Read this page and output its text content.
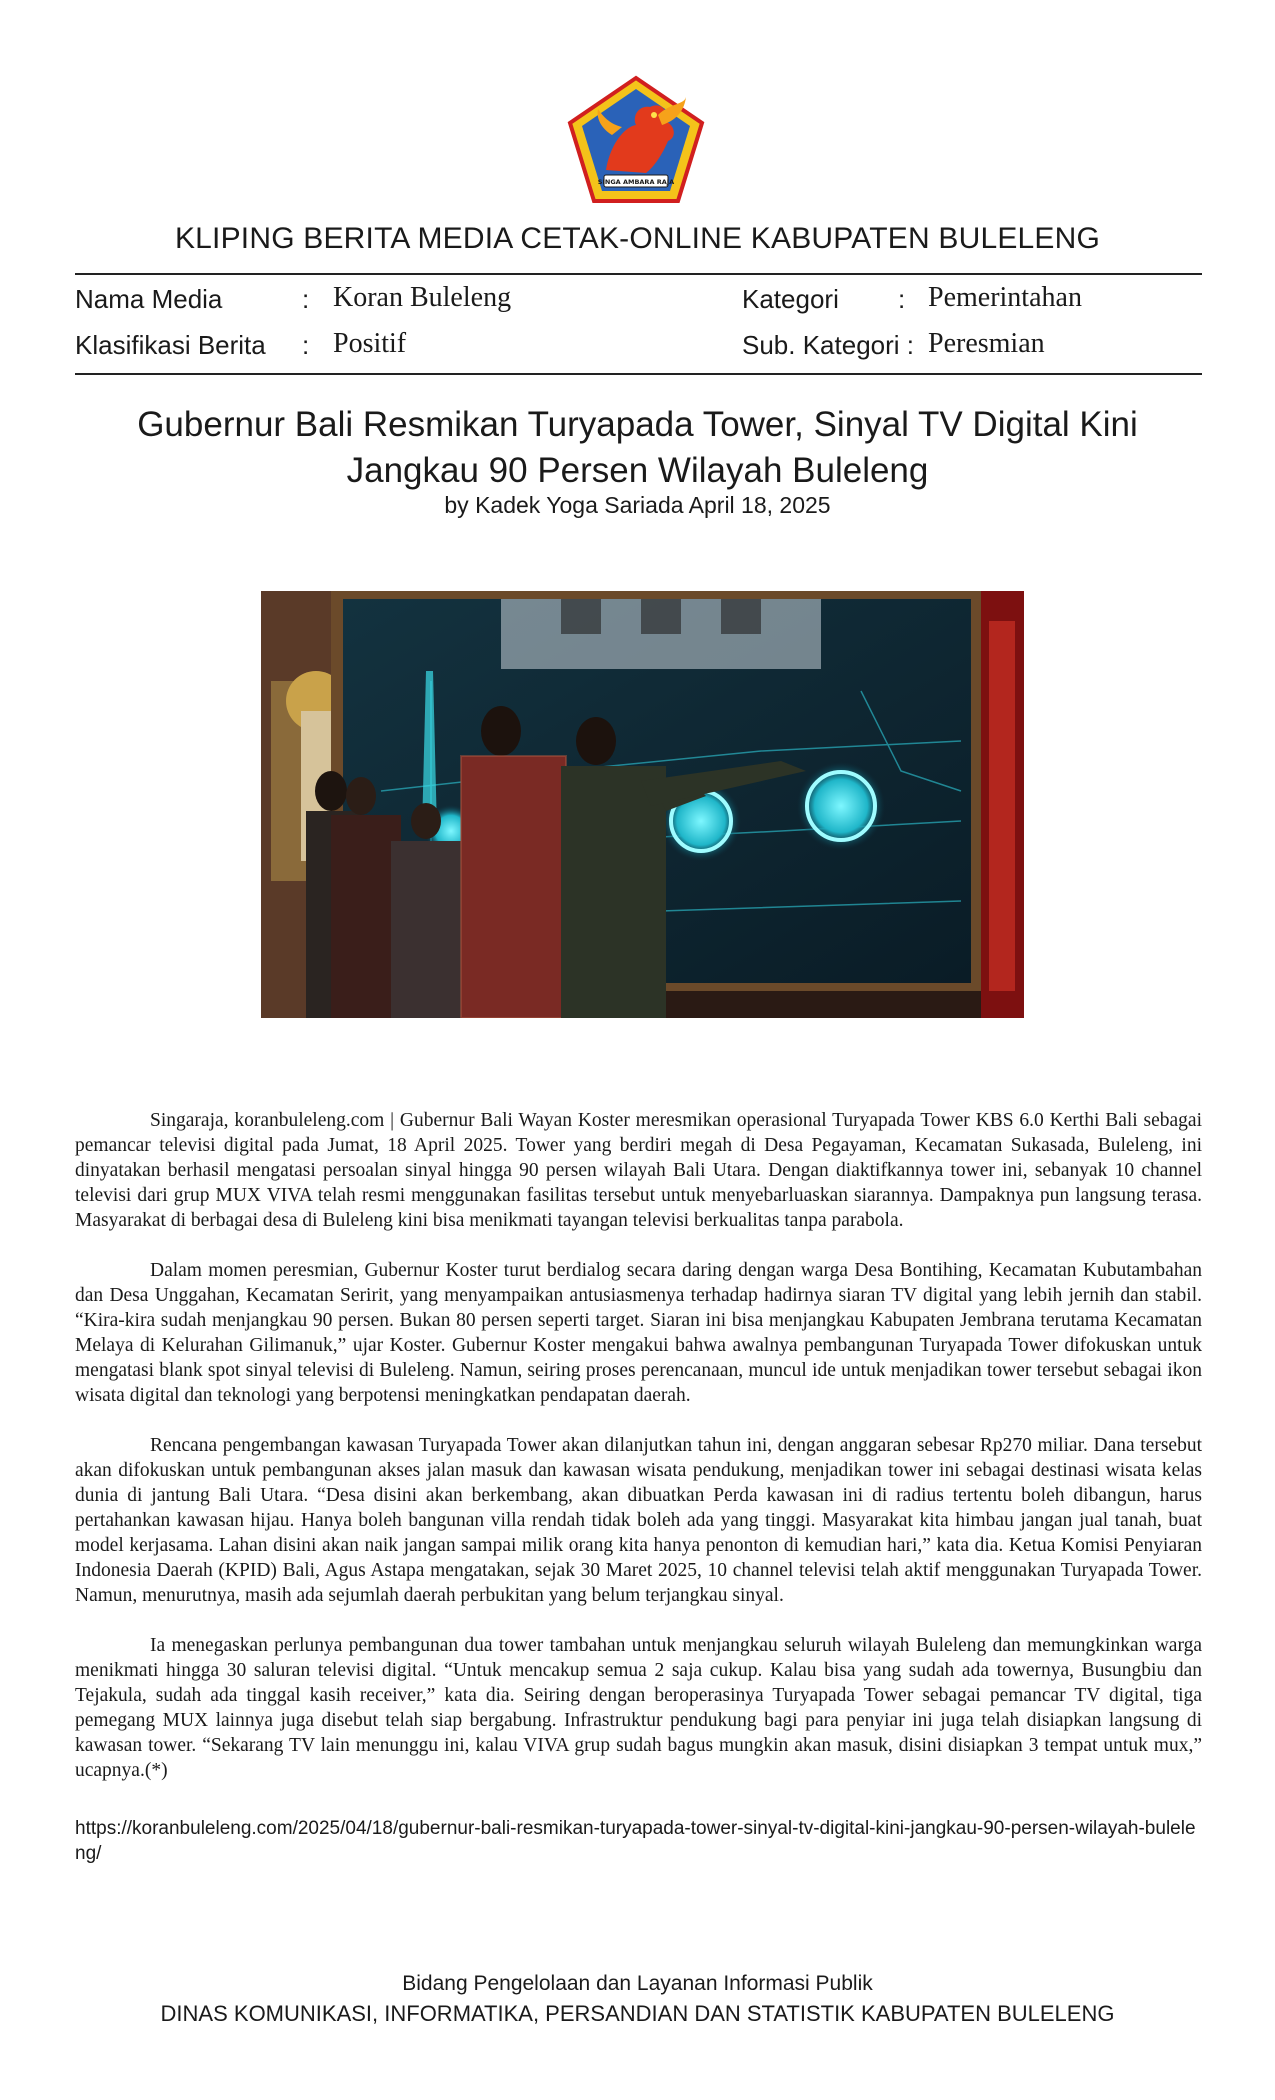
SINGA AMBARA RAJA
KLIPING BERITA MEDIA CETAK-ONLINE KABUPATEN BULELENG
Nama Media	: Koran Buleleng
Klasifikasi Berita : Positif
Kategori : Pemerintahan
Sub. Kategori : Peresmian
Gubernur Bali Resmikan Turyapada Tower, Sinyal TV Digital Kini Jangkau 90 Persen Wilayah Buleleng
by Kadek Yoga Sariada April 18, 2025

Singaraja, koranbuleleng.com | Gubernur Bali Wayan Koster meresmikan operasional Turyapada Tower KBS 6.0 Kerthi Bali sebagai pemancar televisi digital pada Jumat, 18 April 2025. Tower yang berdiri megah di Desa Pegayaman, Kecamatan Sukasada, Buleleng, ini dinyatakan berhasil mengatasi persoalan sinyal hingga 90 persen wilayah Bali Utara. Dengan diaktifkannya tower ini, sebanyak 10 channel televisi dari grup MUX VIVA telah resmi menggunakan fasilitas tersebut untuk menyebarluaskan siarannya. Dampaknya pun langsung terasa. Masyarakat di berbagai desa di Buleleng kini bisa menikmati tayangan televisi berkualitas tanpa parabola.

Dalam momen peresmian, Gubernur Koster turut berdialog secara daring dengan warga Desa Bontihing, Kecamatan Kubutambahan dan Desa Unggahan, Kecamatan Seririt, yang menyampaikan antusiasmenya terhadap hadirnya siaran TV digital yang lebih jernih dan stabil. “Kira-kira sudah menjangkau 90 persen. Bukan 80 persen seperti target. Siaran ini bisa menjangkau Kabupaten Jembrana terutama Kecamatan Melaya di Kelurahan Gilimanuk,” ujar Koster. Gubernur Koster mengakui bahwa awalnya pembangunan Turyapada Tower difokuskan untuk mengatasi blank spot sinyal televisi di Buleleng. Namun, seiring proses perencanaan, muncul ide untuk menjadikan tower tersebut sebagai ikon wisata digital dan teknologi yang berpotensi meningkatkan pendapatan daerah.

Rencana pengembangan kawasan Turyapada Tower akan dilanjutkan tahun ini, dengan anggaran sebesar Rp270 miliar. Dana tersebut akan difokuskan untuk pembangunan akses jalan masuk dan kawasan wisata pendukung, menjadikan tower ini sebagai destinasi wisata kelas dunia di jantung Bali Utara. “Desa disini akan berkembang, akan dibuatkan Perda kawasan ini di radius tertentu boleh dibangun, harus pertahankan kawasan hijau. Hanya boleh bangunan villa rendah tidak boleh ada yang tinggi. Masyarakat kita himbau jangan jual tanah, buat model kerjasama. Lahan disini akan naik jangan sampai milik orang kita hanya penonton di kemudian hari,” kata dia. Ketua Komisi Penyiaran Indonesia Daerah (KPID) Bali, Agus Astapa mengatakan, sejak 30 Maret 2025, 10 channel televisi telah aktif menggunakan Turyapada Tower. Namun, menurutnya, masih ada sejumlah daerah perbukitan yang belum terjangkau sinyal.

Ia menegaskan perlunya pembangunan dua tower tambahan untuk menjangkau seluruh wilayah Buleleng dan memungkinkan warga menikmati hingga 30 saluran televisi digital. “Untuk mencakup semua 2 saja cukup. Kalau bisa yang sudah ada towernya, Busungbiu dan Tejakula, sudah ada tinggal kasih receiver,” kata dia. Seiring dengan beroperasinya Turyapada Tower sebagai pemancar TV digital, tiga pemegang MUX lainnya juga disebut telah siap bergabung. Infrastruktur pendukung bagi para penyiar ini juga telah disiapkan langsung di kawasan tower. “Sekarang TV lain menunggu ini, kalau VIVA grup sudah bagus mungkin akan masuk, disini disiapkan 3 tempat untuk mux,” ucapnya.(*)

https://koranbuleleng.com/2025/04/18/gubernur-bali-resmikan-turyapada-tower-sinyal-tv-digital-kini-jangkau-90-persen-wilayah-buleleng/
Bidang Pengelolaan dan Layanan Informasi Publik
DINAS KOMUNIKASI, INFORMATIKA, PERSANDIAN DAN STATISTIK KABUPATEN BULELENG
